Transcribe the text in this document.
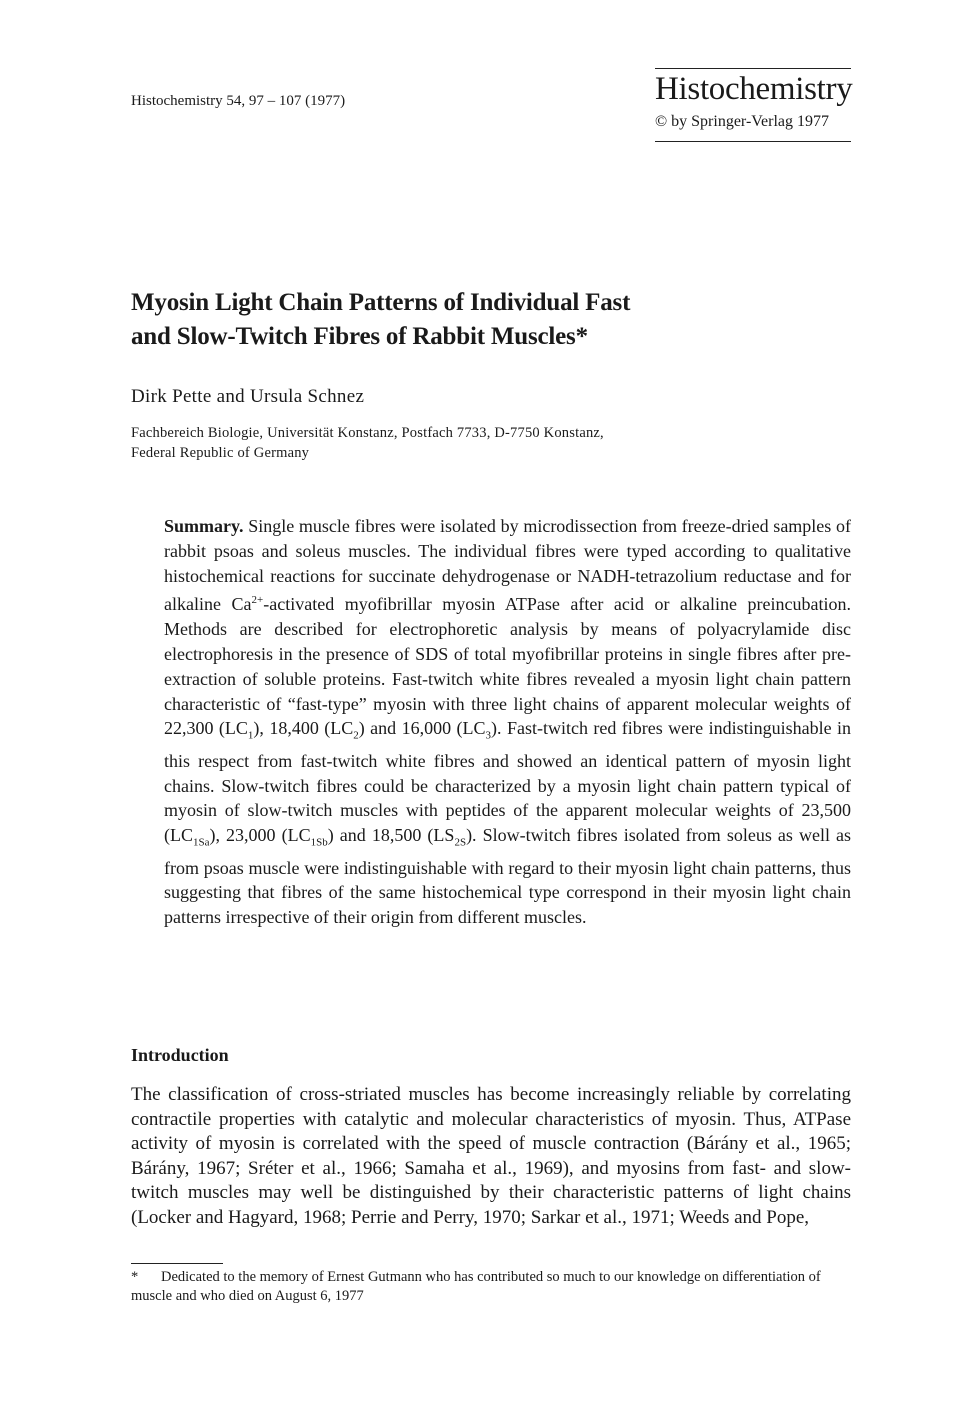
Histochemistry 54, 97 – 107 (1977)	Histochemistry
© by Springer-Verlag 1977
Myosin Light Chain Patterns of Individual Fast
and Slow-Twitch Fibres of Rabbit Muscles*
Dirk Pette and Ursula Schnez
Fachbereich Biologie, Universität Konstanz, Postfach 7733, D-7750 Konstanz,
Federal Republic of Germany
Summary. Single muscle fibres were isolated by microdissection from freeze-dried samples of rabbit psoas and soleus muscles. The individual fibres were typed according to qualitative histochemical reactions for succinate dehydrogenase or NADH-tetrazolium reductase and for alkaline $Ca^{2+}$-activated myofibrillar myosin ATPase after acid or alkaline preincubation. Methods are described for electrophoretic analysis by means of polyacrylamide disc electrophoresis in the presence of SDS of total myofibrillar proteins in single fibres after pre-extraction of soluble proteins. Fast-twitch white fibres revealed a myosin light chain pattern characteristic of “fast-type” myosin with three light chains of apparent molecular weights of 22,300 $(LC_1)$, 18,400 $(LC_2)$ and 16,000 $(LC_3)$. Fast-twitch red fibres were indistinguishable in this respect from fast-twitch white fibres and showed an identical pattern of myosin light chains. Slow-twitch fibres could be characterized by a myosin light chain pattern typical of myosin of slow-twitch muscles with peptides of the apparent molecular weights of 23,500 $(LC_{1Sa})$, 23,000 $(LC_{1Sb})$ and 18,500 $(LS_{2S})$. Slow-twitch fibres isolated from soleus as well as from psoas muscle were indistinguishable with regard to their myosin light chain patterns, thus suggesting that fibres of the same histochemical type correspond in their myosin light chain patterns irrespective of their origin from different muscles.
Introduction
The classification of cross-striated muscles has become increasingly reliable by correlating contractile properties with catalytic and molecular characteristics of myosin. Thus, ATPase activity of myosin is correlated with the speed of muscle contraction (Bárány et al., 1965; Bárány, 1967; Sréter et al., 1966; Samaha et al., 1969), and myosins from fast- and slow-twitch muscles may well be distinguished by their characteristic patterns of light chains (Locker and Hagyard, 1968; Perrie and Perry, 1970; Sarkar et al., 1971; Weeds and Pope,
* Dedicated to the memory of Ernest Gutmann who has contributed so much to our knowledge on differentiation of muscle and who died on August 6, 1977
